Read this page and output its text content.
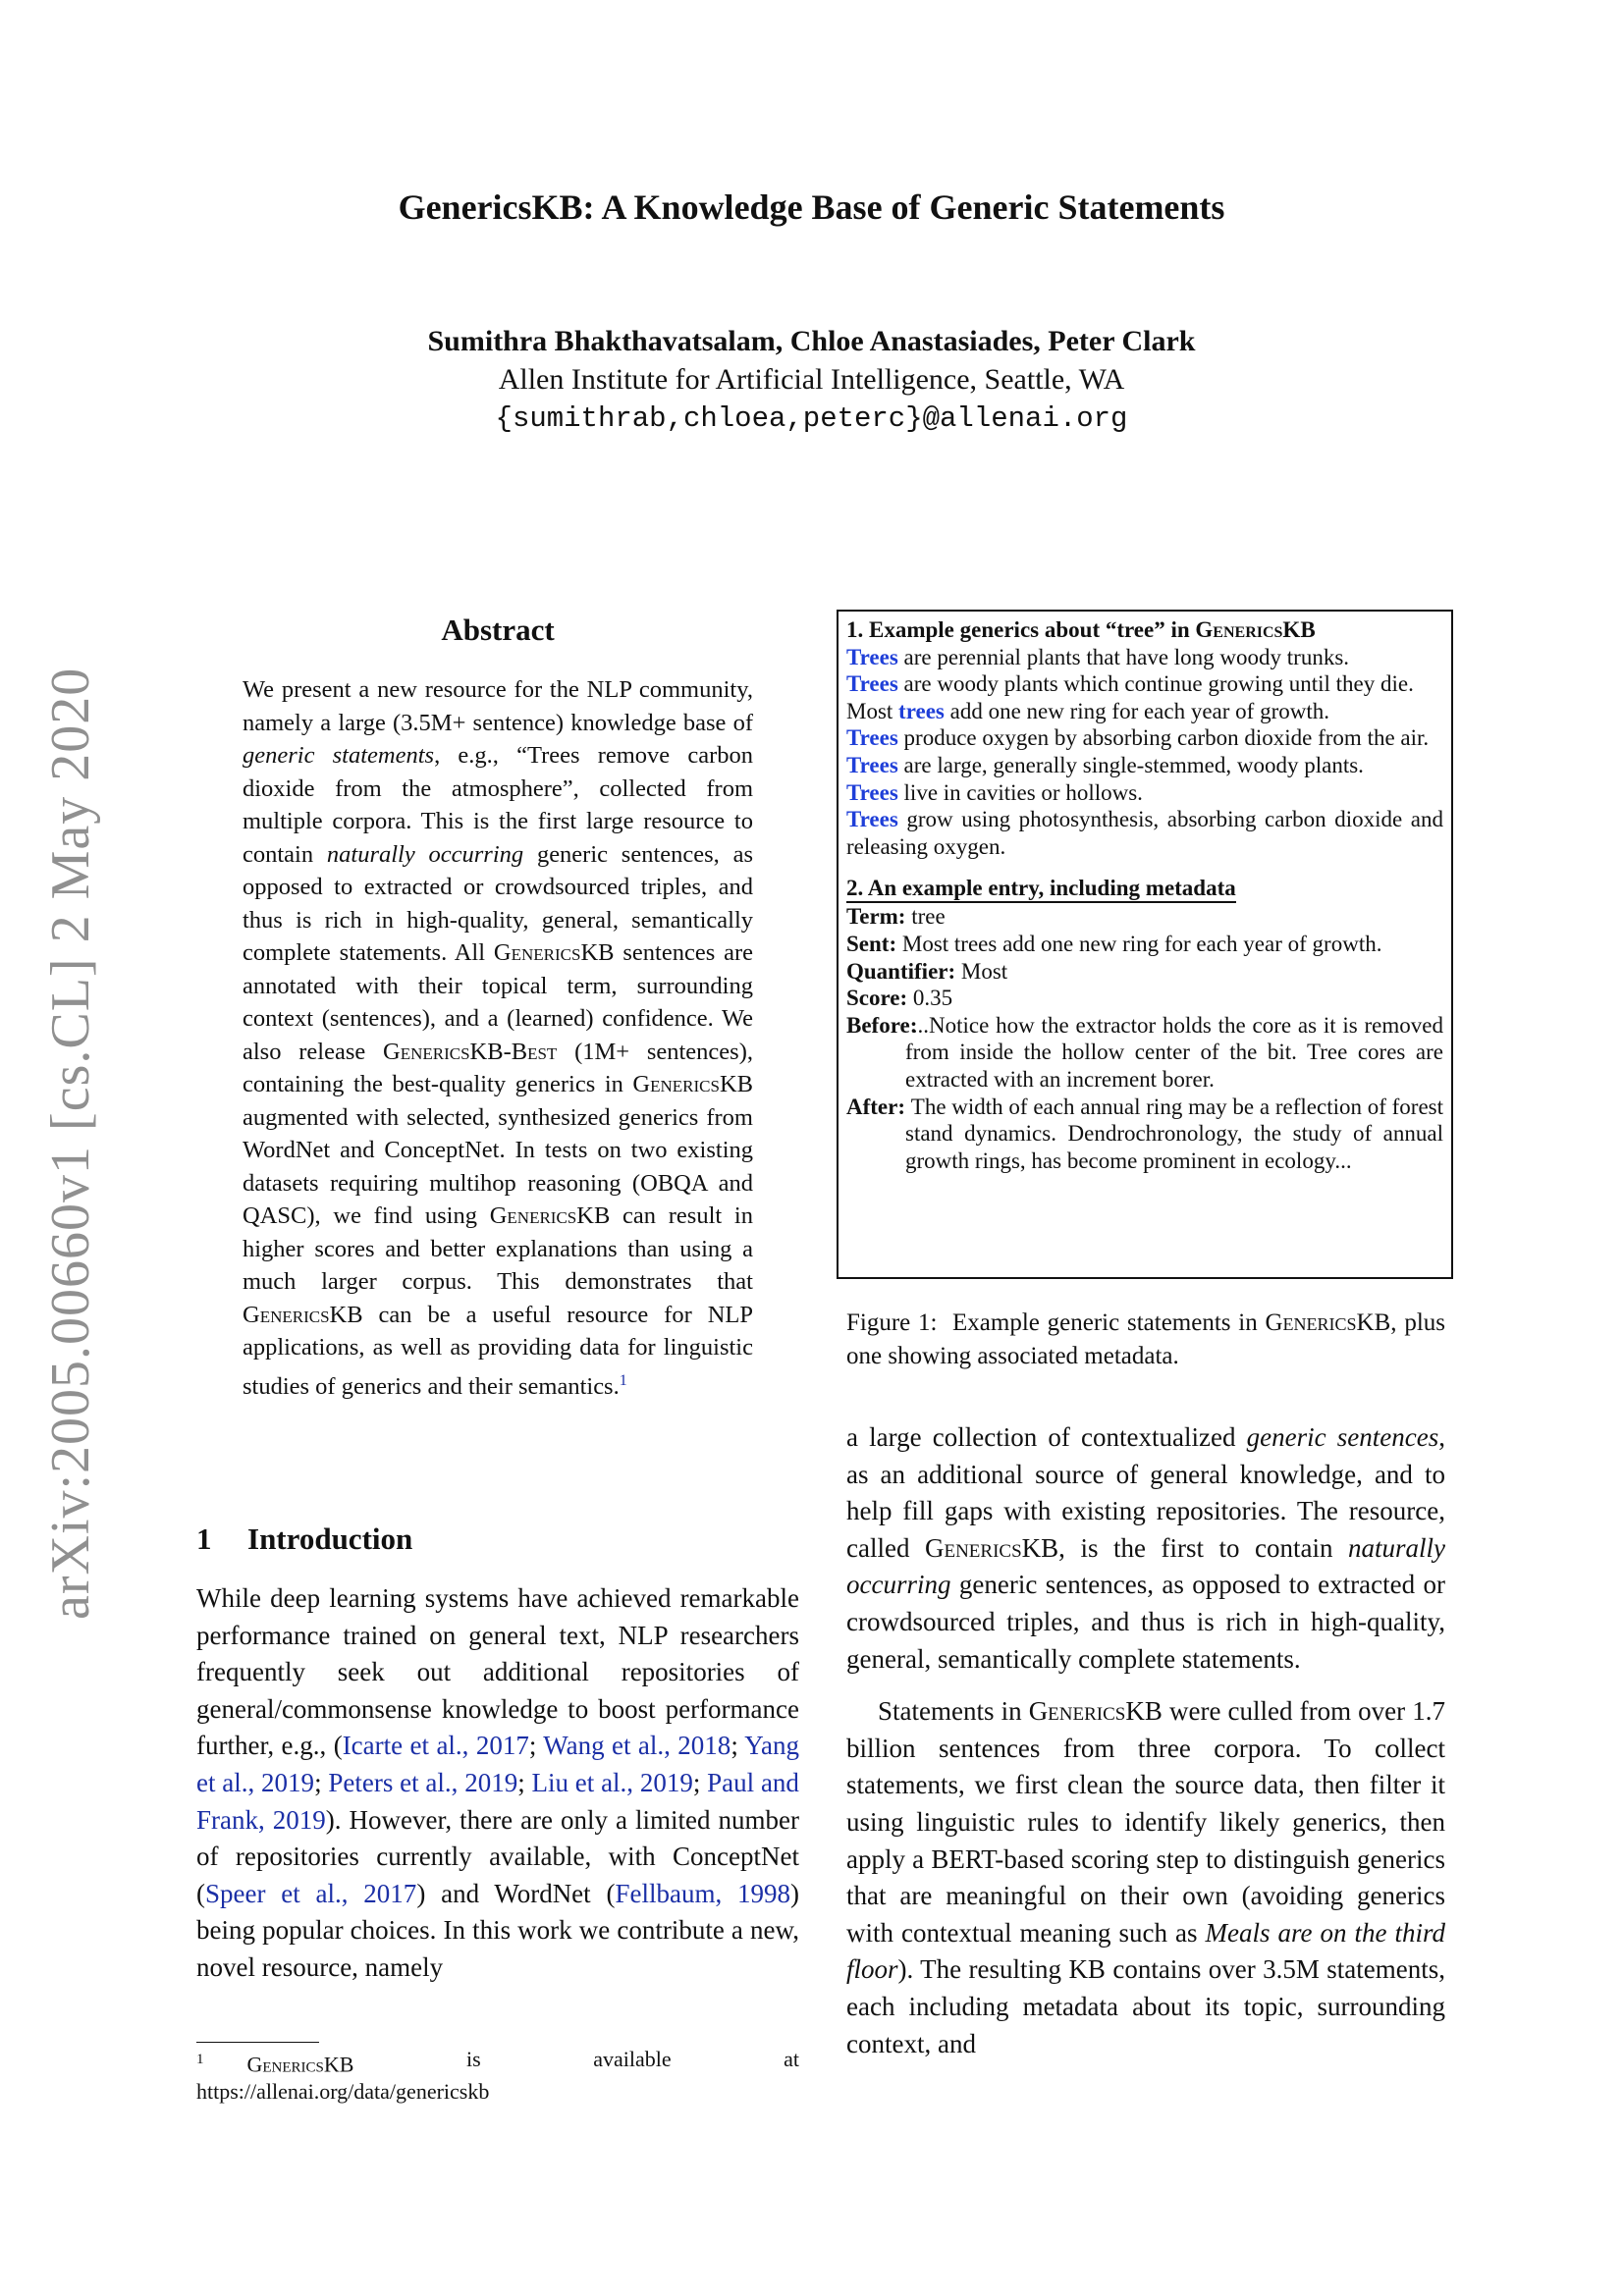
arXiv:2005.00660v1 [cs.CL] 2 May 2020
GenericsKB: A Knowledge Base of Generic Statements
Sumithra Bhakthavatsalam, Chloe Anastasiades, Peter Clark
Allen Institute for Artificial Intelligence, Seattle, WA
{sumithrab,chloea,peterc}@allenai.org
Abstract
We present a new resource for the NLP community, namely a large (3.5M+ sentence) knowledge base of generic statements, e.g., “Trees remove carbon dioxide from the atmosphere”, collected from multiple corpora. This is the first large resource to contain naturally occurring generic sentences, as opposed to extracted or crowdsourced triples, and thus is rich in high-quality, general, semantically complete statements. All GenericsKB sentences are annotated with their topical term, surrounding context (sentences), and a (learned) confidence. We also release GenericsKB-Best (1M+ sentences), containing the best-quality generics in GenericsKB augmented with selected, synthesized generics from WordNet and ConceptNet. In tests on two existing datasets requiring multihop reasoning (OBQA and QASC), we find using GenericsKB can result in higher scores and better explanations than using a much larger corpus. This demonstrates that GenericsKB can be a useful resource for NLP applications, as well as providing data for linguistic studies of generics and their semantics.$^1$
1 Introduction

While deep learning systems have achieved remarkable performance trained on general text, NLP researchers frequently seek out additional repositories of general/commonsense knowledge to boost performance further, e.g., (Icarte et al., 2017; Wang et al., 2018; Yang et al., 2019; Peters et al., 2019; Liu et al., 2019; Paul and Frank, 2019). However, there are only a limited number of repositories currently available, with ConceptNet (Speer et al., 2017) and WordNet (Fellbaum, 1998) being popular choices. In this work we contribute a new, novel resource, namely

$^1$ GenericsKB	is	available	at
https://allenai.org/data/genericskb

1. Example generics about “tree” in GenericsKB

Trees are perennial plants that have long woody trunks.

Trees are woody plants which continue growing until they die.

Most trees add one new ring for each year of growth.

Trees produce oxygen by absorbing carbon dioxide from the air.

Trees are large, generally single-stemmed, woody plants.

Trees live in cavities or hollows.

Trees grow using photosynthesis, absorbing carbon dioxide and releasing oxygen.

2. An example entry, including metadata

Term: tree

Sent: Most trees add one new ring for each year of growth.

Quantifier: Most

Score: 0.35

Before:
...Notice how the extractor holds the core as it is removed from inside the hollow center of the bit. Tree cores are extracted with an increment borer.
After: The width of each annual ring may be a reflection of forest stand dynamics. Dendrochronology, the study of annual growth rings, has become prominent in ecology...
Figure 1:  Example generic statements in GenericsKB, plus one showing associated metadata.

a large collection of contextualized generic sentences, as an additional source of general knowledge, and to help fill gaps with existing repositories. The resource, called GenericsKB, is the first to contain naturally occurring generic sentences, as opposed to extracted or crowdsourced triples, and thus is rich in high-quality, general, semantically complete statements.

Statements in GenericsKB were culled from over 1.7 billion sentences from three corpora. To collect statements, we first clean the source data, then filter it using linguistic rules to identify likely generics, then apply a BERT-based scoring step to distinguish generics that are meaningful on their own (avoiding generics with contextual meaning such as Meals are on the third floor). The resulting KB contains over 3.5M statements, each including metadata about its topic, surrounding context, and
